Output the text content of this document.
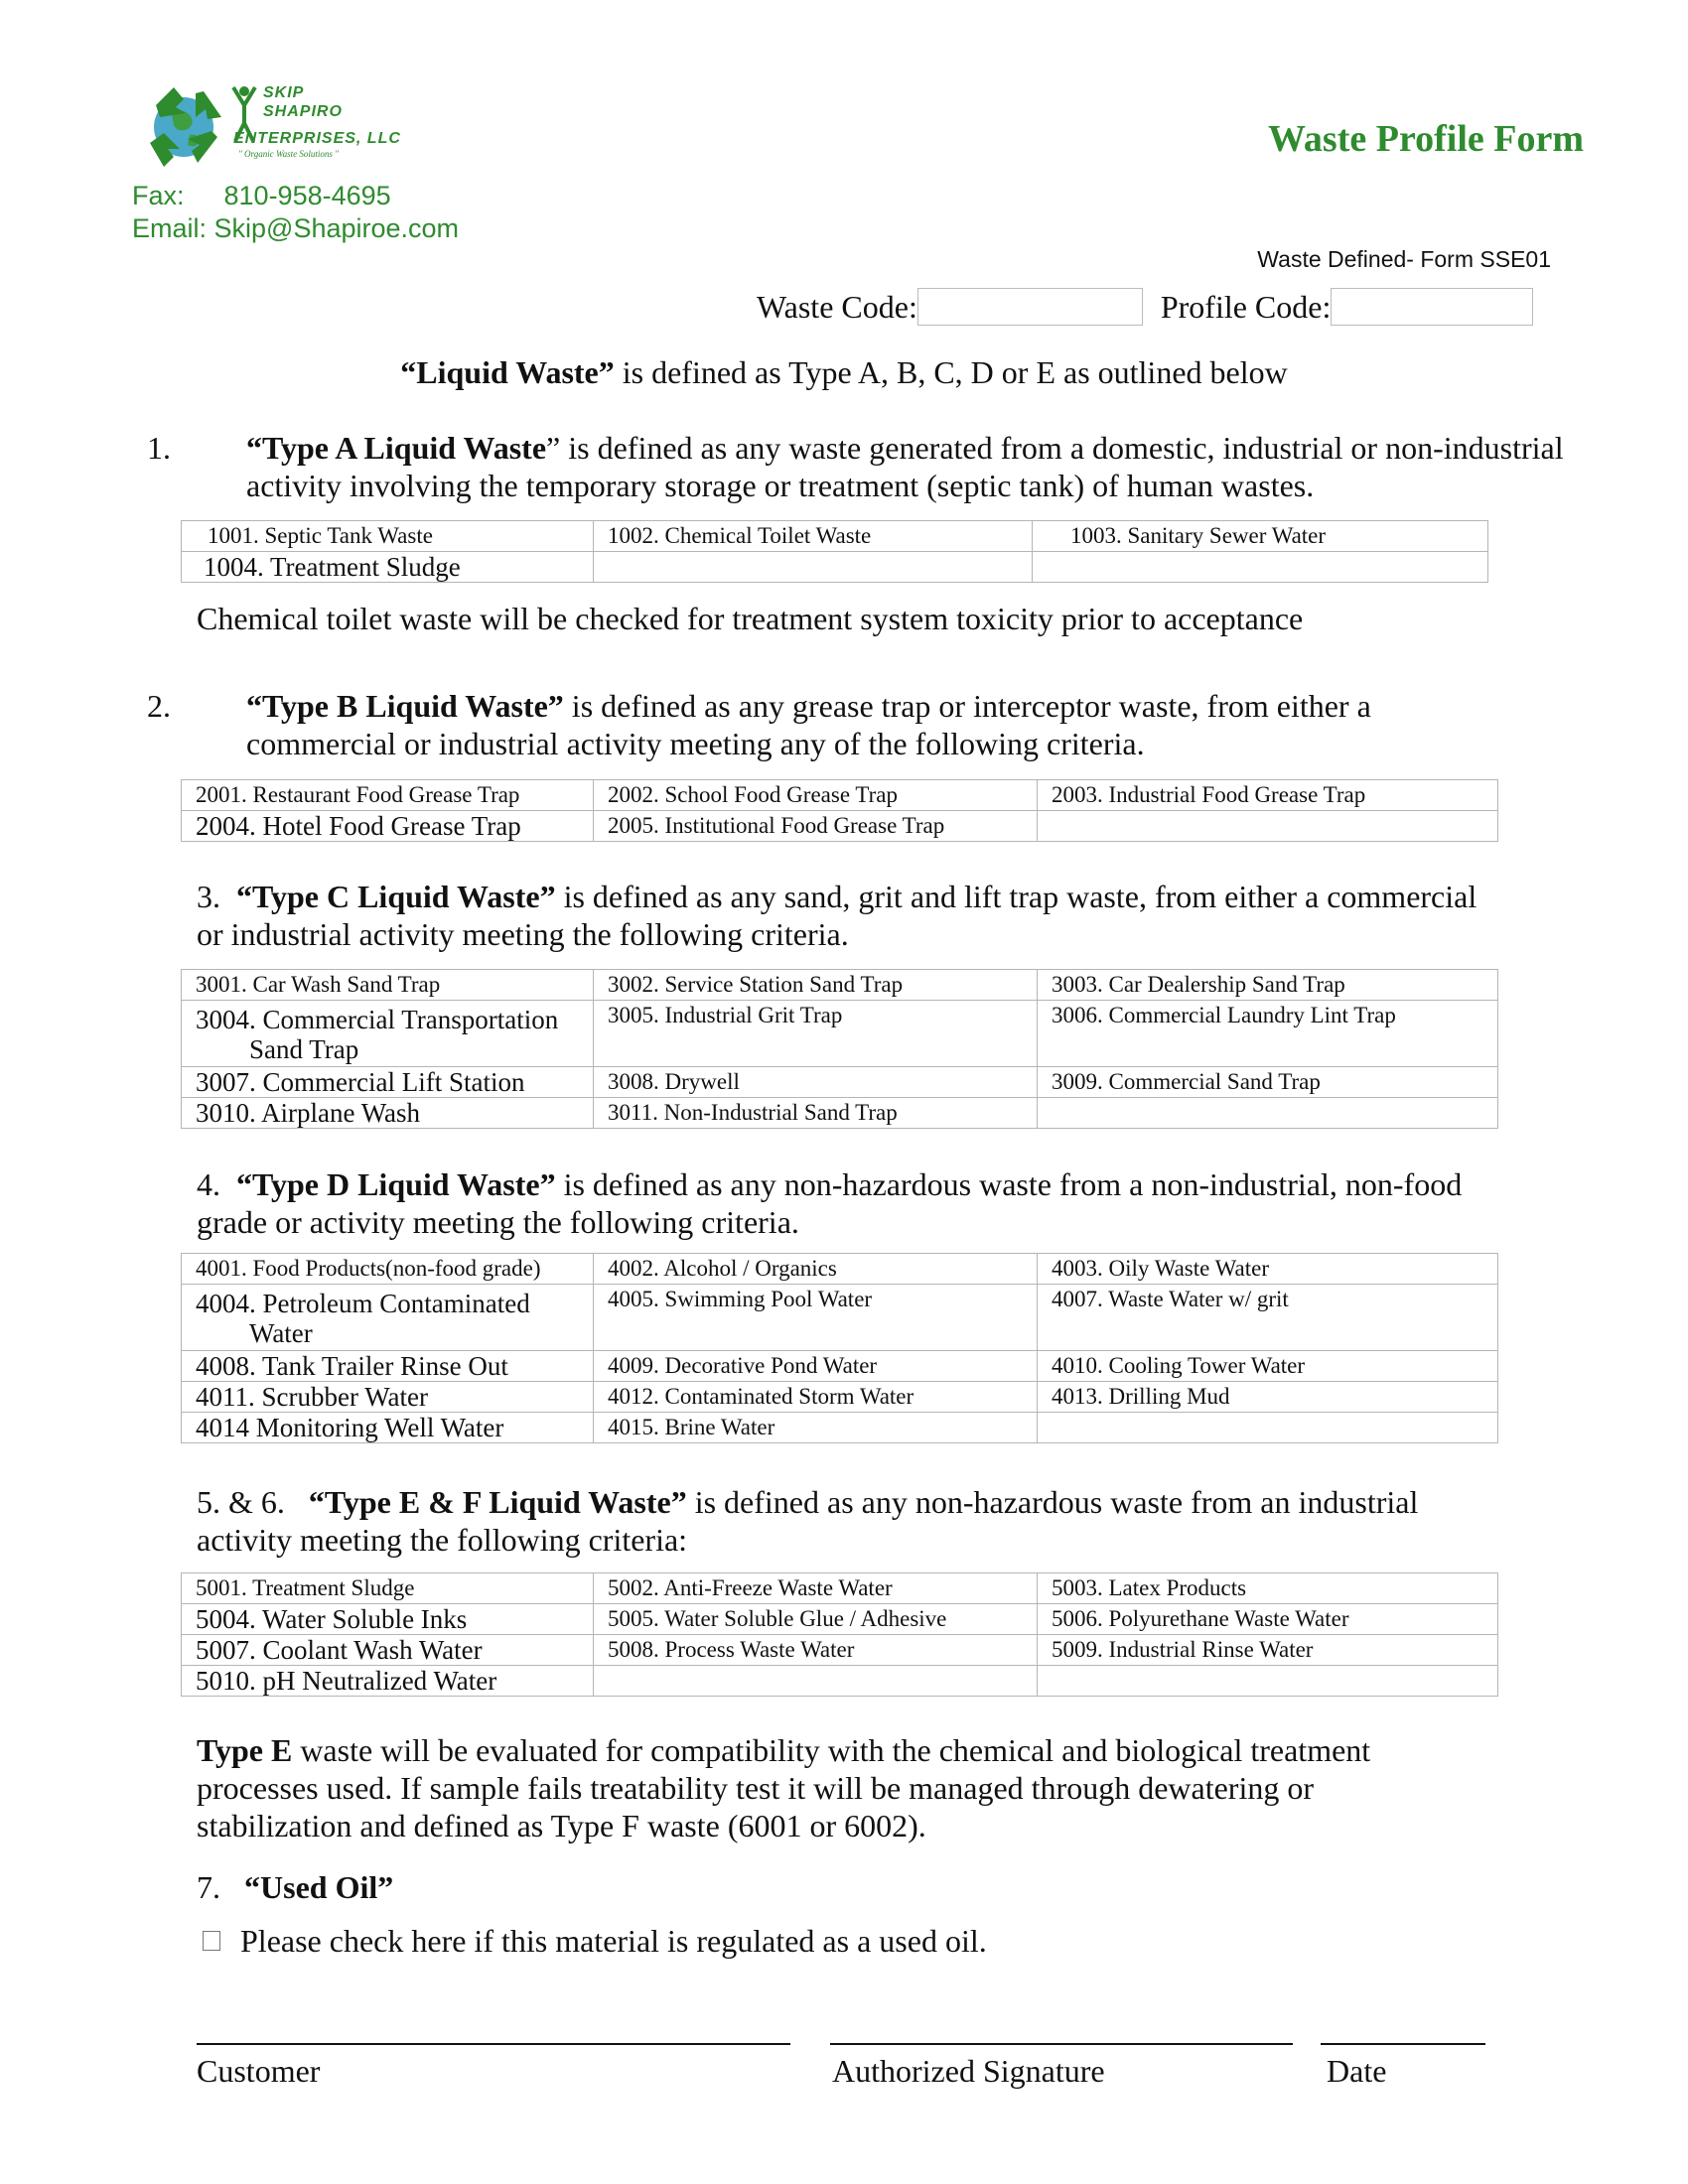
SKIP
SHAPIRO
ENTERPRISES, LLC
" Organic Waste Solutions "	Waste Profile Form
Fax: 810-958-4695
Email: Skip@Shapiroe.com
Waste Defined- Form SSE01
Waste Code:	Profile Code:
“Liquid Waste” is defined as Type A, B, C, D or E as outlined below
1. “Type A Liquid Waste” is defined as any waste generated from a domestic, industrial or non-industrial activity involving the temporary storage or treatment (septic tank) of human wastes.
1001. Septic Tank Waste	1002. Chemical Toilet Waste	1003. Sanitary Sewer Water
1004. Treatment Sludge		
Chemical toilet waste will be checked for treatment system toxicity prior to acceptance
2. “Type B Liquid Waste” is defined as any grease trap or interceptor waste, from either a commercial or industrial activity meeting any of the following criteria.
2001. Restaurant Food Grease Trap	2002. School Food Grease Trap	2003. Industrial Food Grease Trap
2004. Hotel Food Grease Trap	2005. Institutional Food Grease Trap	
3. “Type C Liquid Waste” is defined as any sand, grit and lift trap waste, from either a commercial or industrial activity meeting the following criteria.
3001. Car Wash Sand Trap	3002. Service Station Sand Trap	3003. Car Dealership Sand Trap

3004. Commercial Transportation Sand Trap	3005. Industrial Grit Trap	3006. Commercial Laundry Lint Trap
3007. Commercial Lift Station	3008. Drywell	3009. Commercial Sand Trap
3010. Airplane Wash	3011. Non-Industrial Sand Trap	
4. “Type D Liquid Waste” is defined as any non-hazardous waste from a non-industrial, non-food grade or activity meeting the following criteria.
4001. Food Products(non-food grade)	4002. Alcohol / Organics	4003. Oily Waste Water

4004. Petroleum Contaminated Water	4005. Swimming Pool Water	4007. Waste Water w/ grit
4008. Tank Trailer Rinse Out	4009. Decorative Pond Water	4010. Cooling Tower Water
4011. Scrubber Water	4012. Contaminated Storm Water	4013. Drilling Mud
4014 Monitoring Well Water	4015. Brine Water	
5. & 6. “Type E & F Liquid Waste” is defined as any non-hazardous waste from an industrial activity meeting the following criteria:
5001. Treatment Sludge	5002. Anti-Freeze Waste Water	5003. Latex Products
5004. Water Soluble Inks	5005. Water Soluble Glue / Adhesive	5006. Polyurethane Waste Water
5007. Coolant Wash Water	5008. Process Waste Water	5009. Industrial Rinse Water
5010. pH Neutralized Water		
Type E waste will be evaluated for compatibility with the chemical and biological treatment processes used. If sample fails treatability test it will be managed through dewatering or stabilization and defined as Type F waste (6001 or 6002).
7. “Used Oil”
Please check here if this material is regulated as a used oil.
Customer	Authorized Signature	Date
